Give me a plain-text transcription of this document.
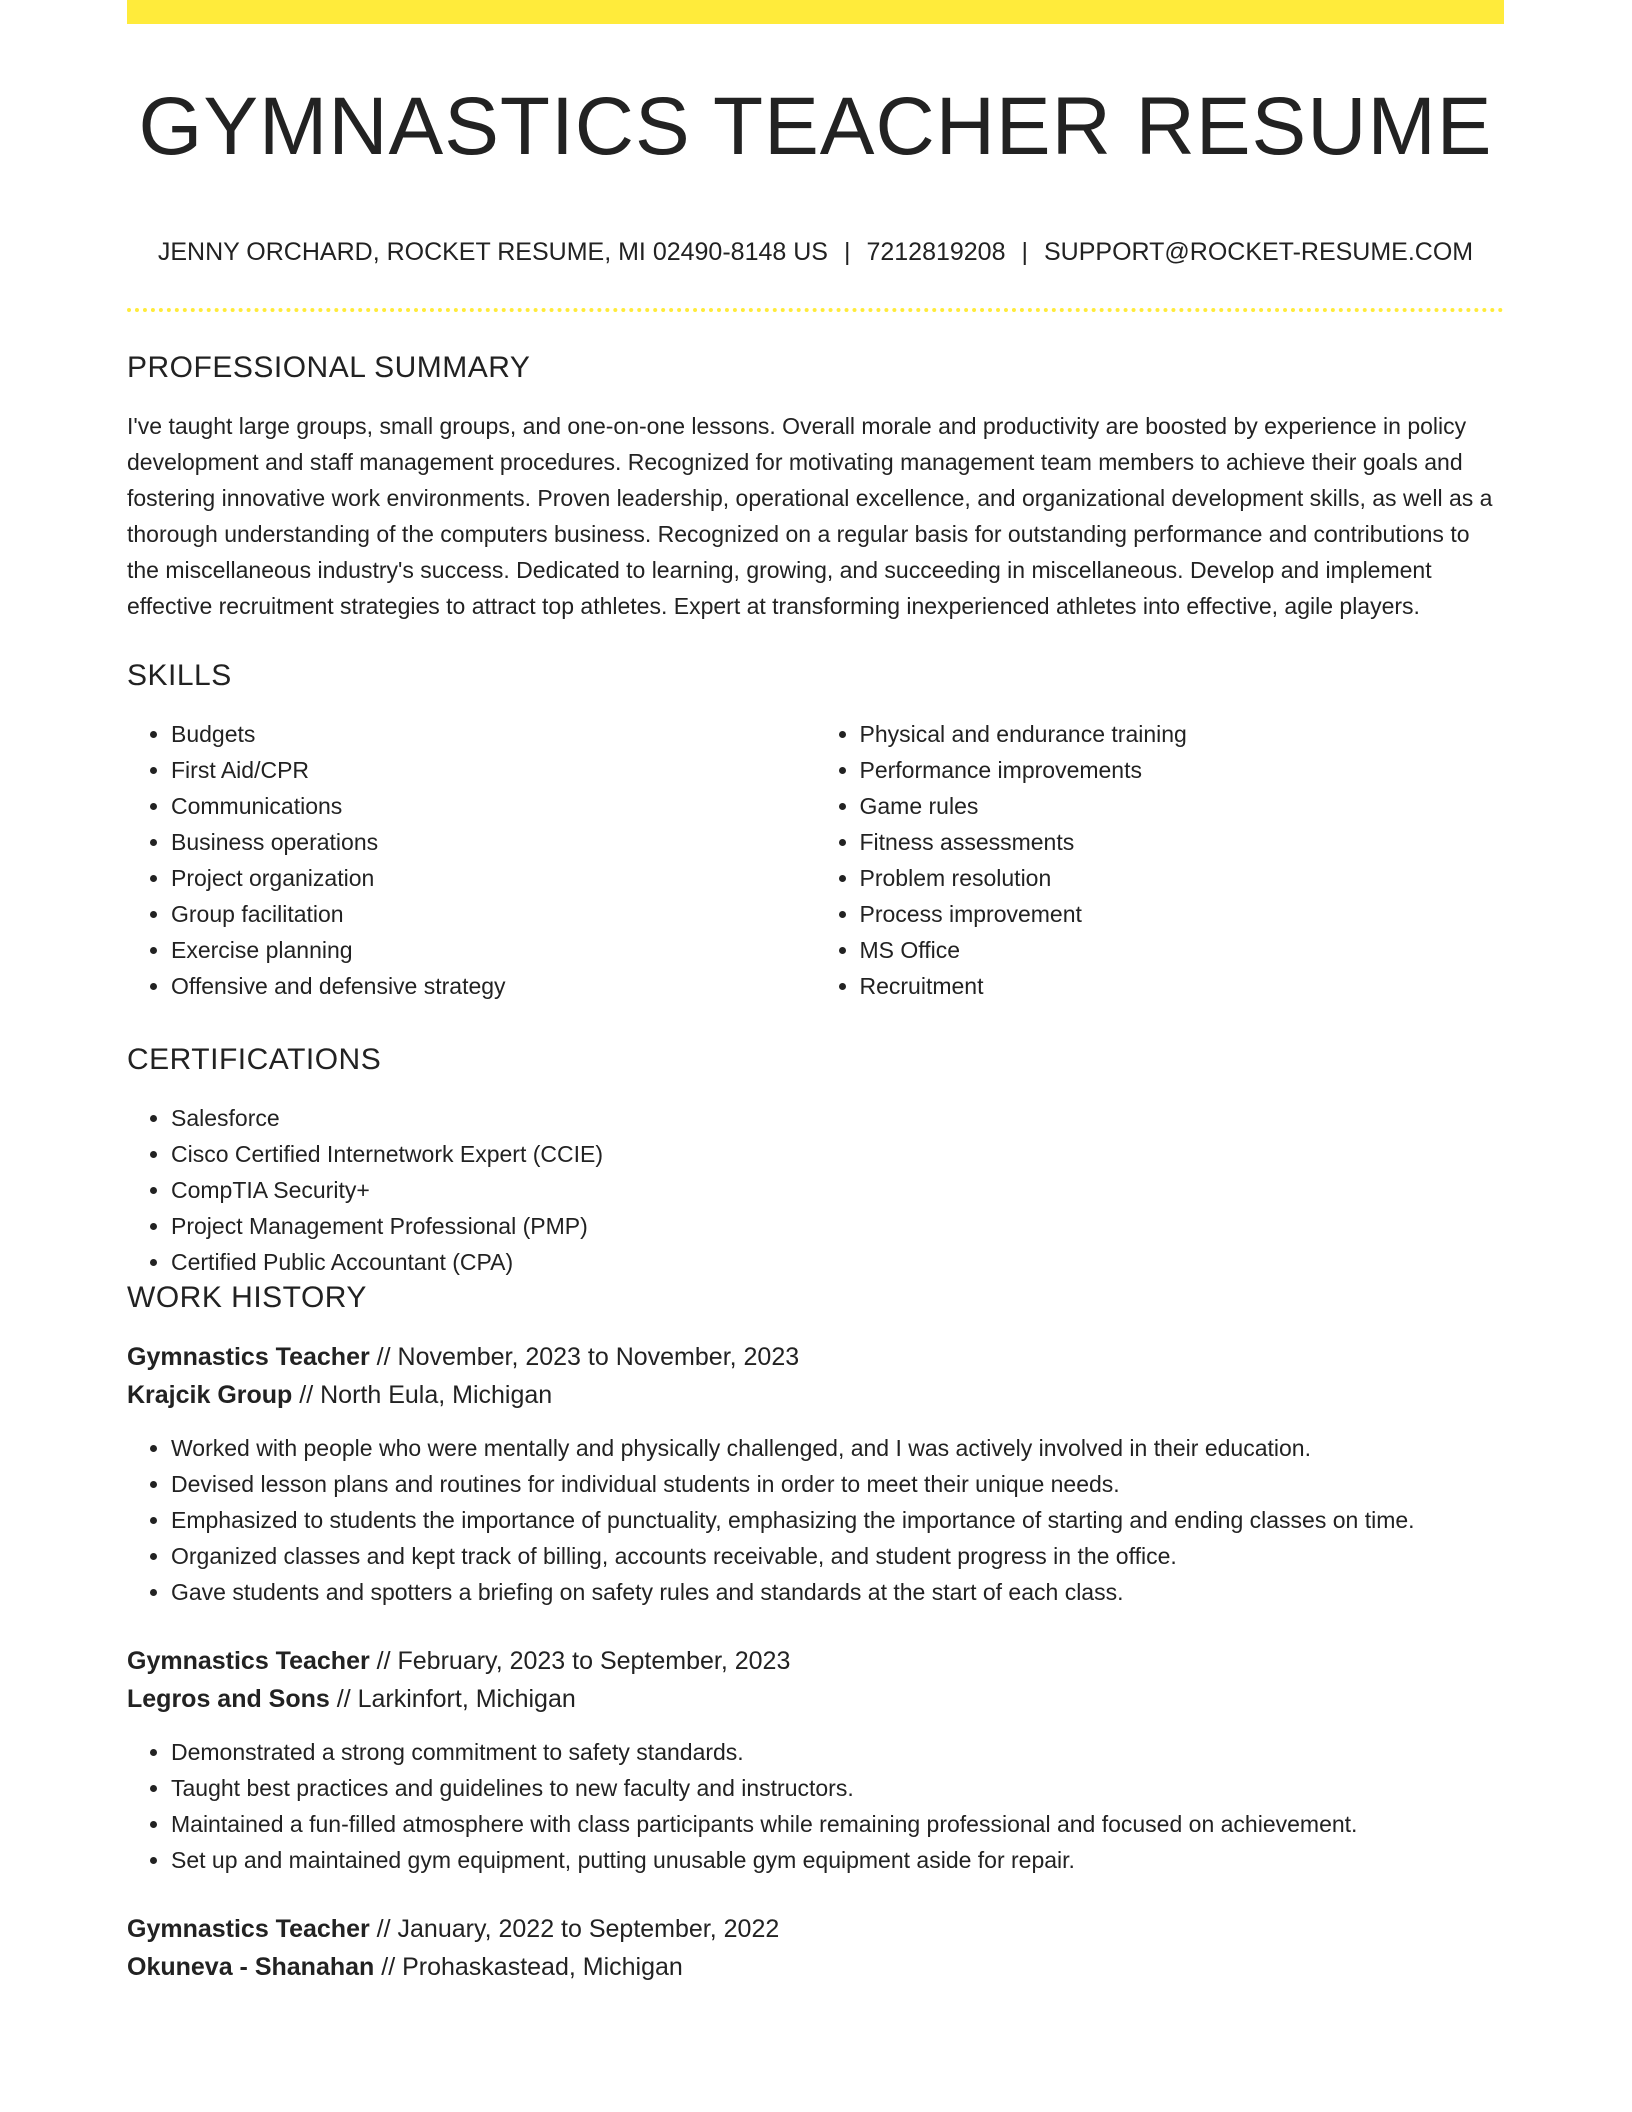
GYMNASTICS TEACHER RESUME
JENNY ORCHARD, ROCKET RESUME, MI 02490-8148 US | 7212819208 | SUPPORT@ROCKET-RESUME.COM
PROFESSIONAL SUMMARY

I've taught large groups, small groups, and one-on-one lessons. Overall morale and productivity are boosted by experience in policy development and staff management procedures. Recognized for motivating management team members to achieve their goals and fostering innovative work environments. Proven leadership, operational excellence, and organizational development skills, as well as a thorough understanding of the computers business. Recognized on a regular basis for outstanding performance and contributions to the miscellaneous industry's success. Dedicated to learning, growing, and succeeding in miscellaneous. Develop and implement effective recruitment strategies to attract top athletes. Expert at transforming inexperienced athletes into effective, agile players.

SKILLS
• Budgets
• First Aid/CPR
• Communications
• Business operations
• Project organization
• Group facilitation
• Exercise planning
• Offensive and defensive strategy
• Physical and endurance training
• Performance improvements
• Game rules
• Fitness assessments
• Problem resolution
• Process improvement
• MS Office
• Recruitment
CERTIFICATIONS
• Salesforce
• Cisco Certified Internetwork Expert (CCIE)
• CompTIA Security+
• Project Management Professional (PMP)
• Certified Public Accountant (CPA)
WORK HISTORY
Gymnastics Teacher // November, 2023 to November, 2023
Krajcik Group // North Eula, Michigan
• Worked with people who were mentally and physically challenged, and I was actively involved in their education.
• Devised lesson plans and routines for individual students in order to meet their unique needs.
• Emphasized to students the importance of punctuality, emphasizing the importance of starting and ending classes on time.
• Organized classes and kept track of billing, accounts receivable, and student progress in the office.
• Gave students and spotters a briefing on safety rules and standards at the start of each class.
Gymnastics Teacher // February, 2023 to September, 2023
Legros and Sons // Larkinfort, Michigan
• Demonstrated a strong commitment to safety standards.
• Taught best practices and guidelines to new faculty and instructors.
• Maintained a fun-filled atmosphere with class participants while remaining professional and focused on achievement.
• Set up and maintained gym equipment, putting unusable gym equipment aside for repair.
Gymnastics Teacher // January, 2022 to September, 2022
Okuneva - Shanahan // Prohaskastead, Michigan
